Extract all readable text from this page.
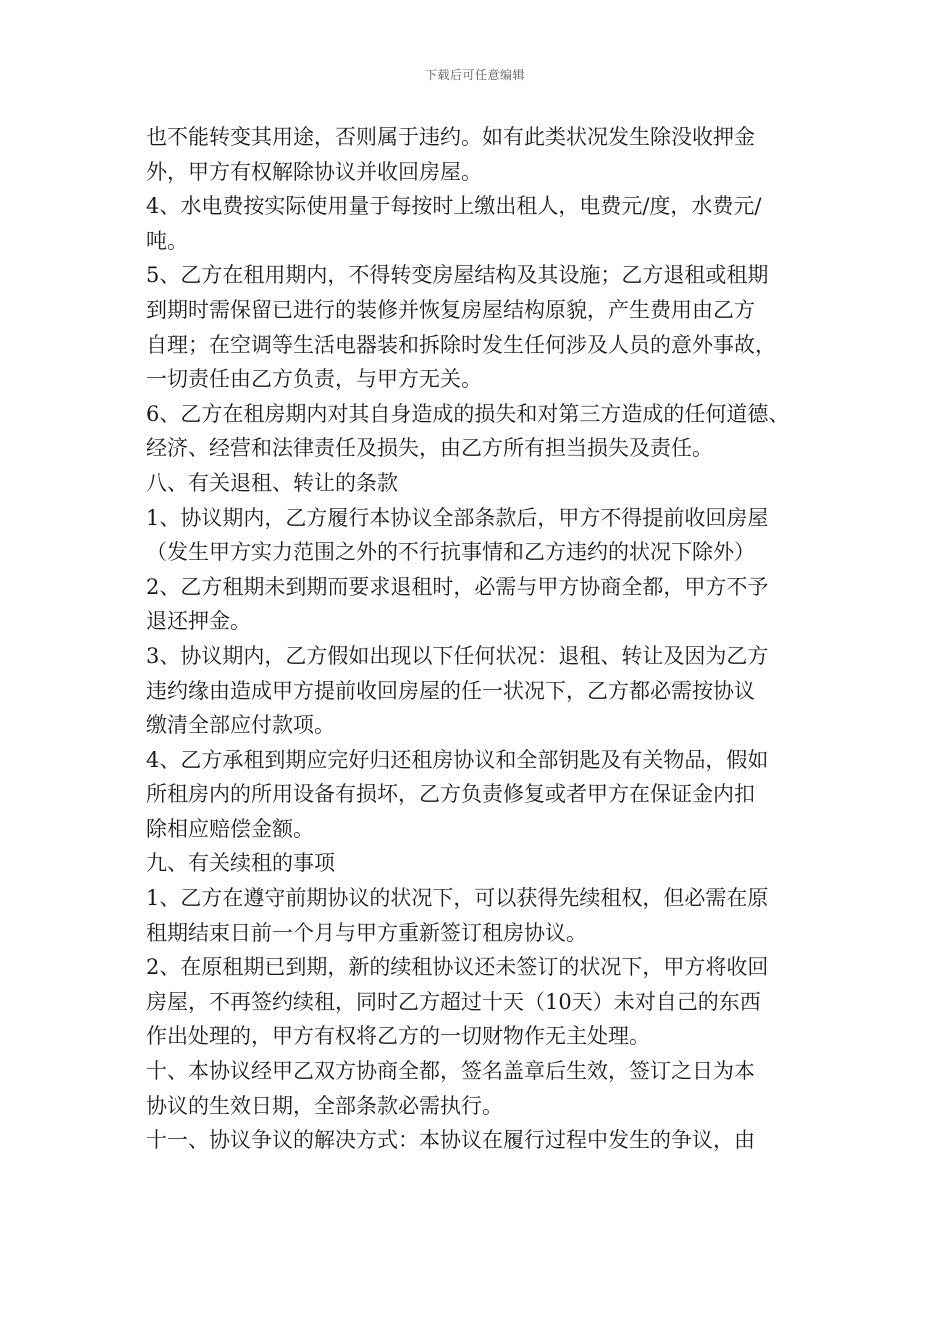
下载后可任意编辑
也不能转变其用途，否则属于违约。如有此类状况发生除没收押金
外，甲方有权解除协议并收回房屋。
4、水电费按实际使用量于每按时上缴出租人，电费元/度，水费元/
吨。
5、乙方在租用期内，不得转变房屋结构及其设施；乙方退租或租期
到期时需保留已进行的装修并恢复房屋结构原貌，产生费用由乙方
自理；在空调等生活电器装和拆除时发生任何涉及人员的意外事故，
一切责任由乙方负责，与甲方无关。
6、乙方在租房期内对其自身造成的损失和对第三方造成的任何道德、
经济、经营和法律责任及损失，由乙方所有担当损失及责任。
八、有关退租、转让的条款
1、协议期内，乙方履行本协议全部条款后，甲方不得提前收回房屋
（发生甲方实力范围之外的不行抗事情和乙方违约的状况下除外）
2、乙方租期未到期而要求退租时，必需与甲方协商全都，甲方不予
退还押金。
3、协议期内，乙方假如出现以下任何状况：退租、转让及因为乙方
违约缘由造成甲方提前收回房屋的任一状况下，乙方都必需按协议
缴清全部应付款项。
4、乙方承租到期应完好归还租房协议和全部钥匙及有关物品，假如
所租房内的所用设备有损坏，乙方负责修复或者甲方在保证金内扣
除相应赔偿金额。
九、有关续租的事项
1、乙方在遵守前期协议的状况下，可以获得先续租权，但必需在原
租期结束日前一个月与甲方重新签订租房协议。
2、在原租期已到期，新的续租协议还未签订的状况下，甲方将收回
房屋，不再签约续租，同时乙方超过十天（10天）未对自己的东西
作出处理的，甲方有权将乙方的一切财物作无主处理。
十、本协议经甲乙双方协商全都，签名盖章后生效，签订之日为本
协议的生效日期，全部条款必需执行。
十一、协议争议的解决方式：本协议在履行过程中发生的争议，由
